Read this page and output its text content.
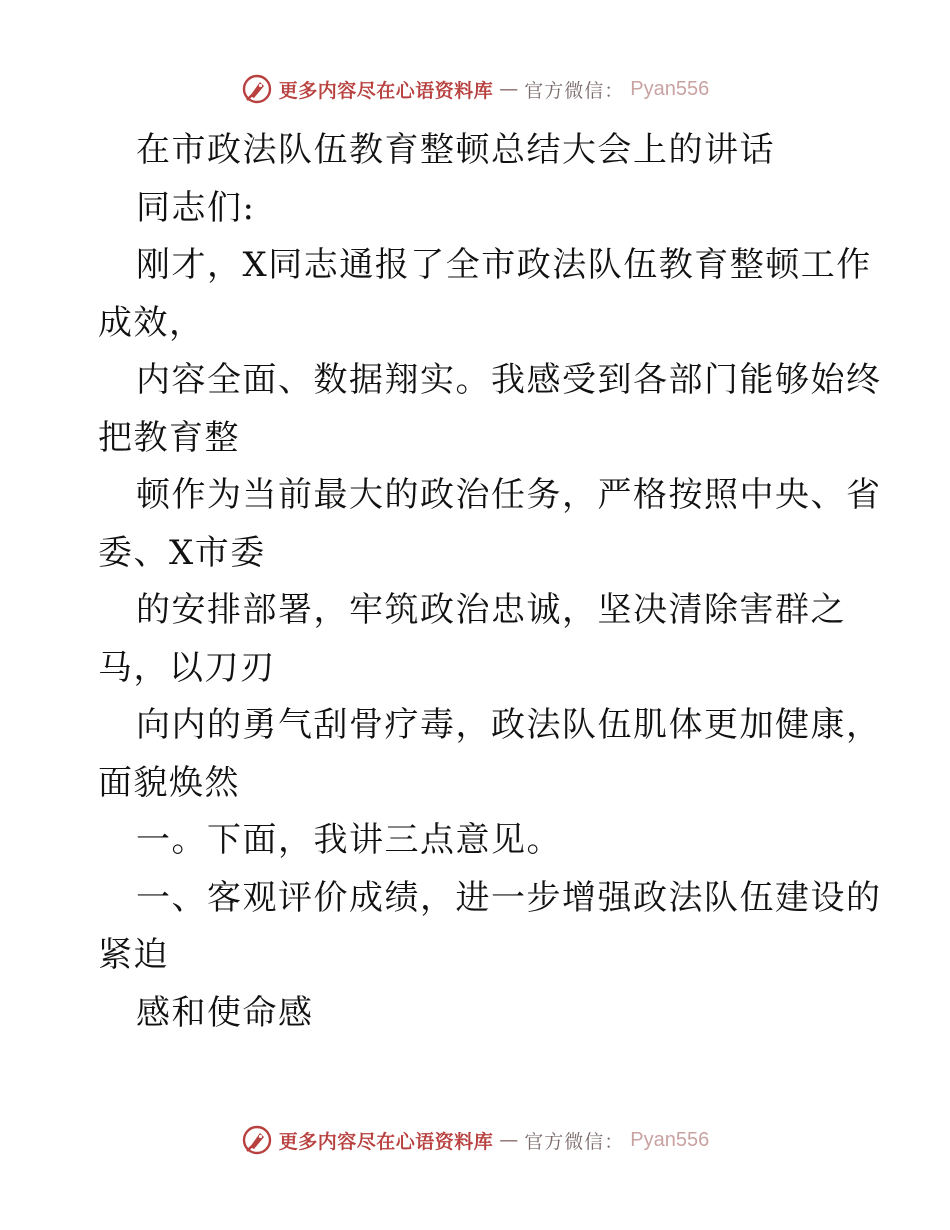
更多内容尽在心语资料库 — 官方微信： Pyan556
在市政法队伍教育整顿总结大会上的讲话
同志们:
刚才，X同志通报了全市政法队伍教育整顿工作
成效，
内容全面、数据翔实。我感受到各部门能够始终
把教育整
顿作为当前最大的政治任务，严格按照中央、省
委、X市委
的安排部署，牢筑政治忠诚，坚决清除害群之
马，以刀刃
向内的勇气刮骨疗毒，政法队伍肌体更加健康，
面貌焕然
一。下面，我讲三点意见。
一、客观评价成绩，进一步增强政法队伍建设的
紧迫
感和使命感
更多内容尽在心语资料库 — 官方微信： Pyan556
